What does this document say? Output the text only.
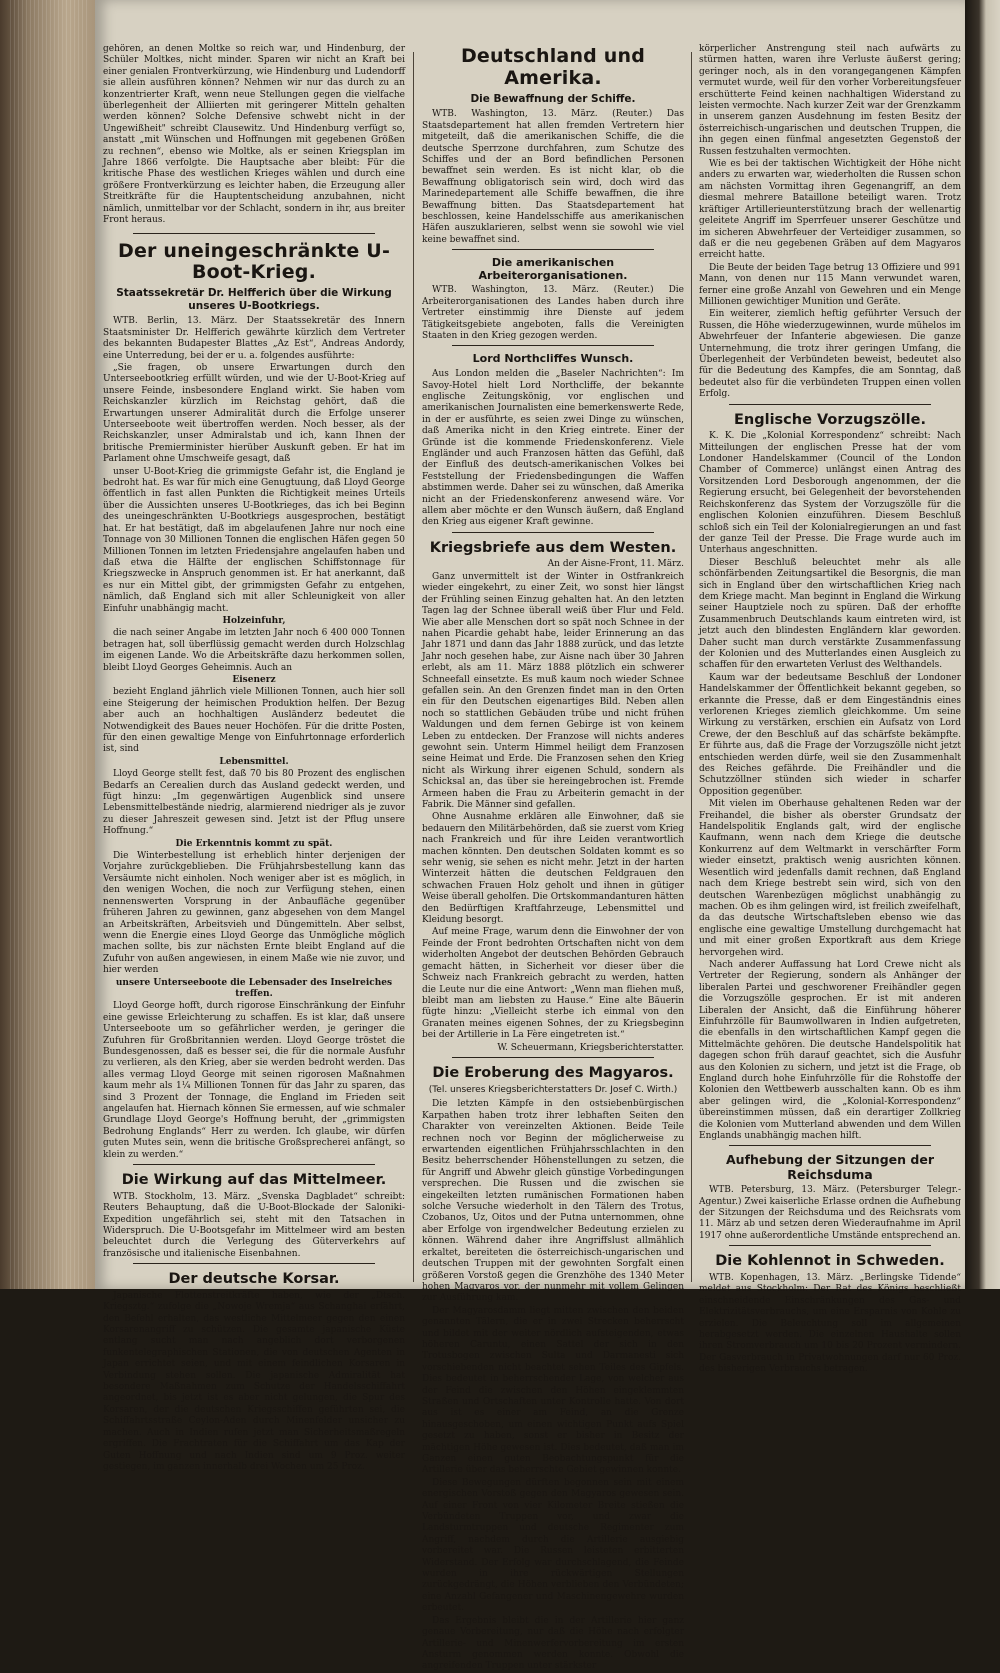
gehören, an denen Moltke so reich war, und Hindenburg, der Schüler Moltkes, nicht minder. Sparen wir nicht an Kraft bei einer genialen Frontverkürzung, wie Hindenburg und Ludendorff sie allein ausführen können? Nehmen wir nur das durch zu an konzentrierter Kraft, wenn neue Stellungen gegen die vielfache überlegenheit der Alliierten mit geringerer Mitteln gehalten werden können? Solche Defensive schwebt nicht in der Ungewißheit" schreibt Clausewitz. Und Hindenburg verfügt so, anstatt „mit Wünschen und Hoffnungen mit gegebenen Größen zu rechnen“, ebenso wie Moltke, als er seinen Kriegsplan im Jahre 1866 verfolgte. Die Hauptsache aber bleibt: Für die kritische Phase des westlichen Krieges wählen und durch eine größere Frontverkürzung es leichter haben, die Erzeugung aller Streitkräfte für die Hauptentscheidung anzubahnen, nicht nämlich, unmittelbar vor der Schlacht, sondern in ihr, aus breiter Front heraus.

Der uneingeschränkte U-Boot-Krieg.
Staatssekretär Dr. Helfferich über die Wirkung unseres U-Bootkriegs.

WTB. Berlin, 13. März. Der Staatssekretär des Innern Staatsminister Dr. Helfferich gewährte kürzlich dem Vertreter des bekannten Budapester Blattes „Az Est“, Andreas Andordy, eine Unterredung, bei der er u. a. folgendes ausführte:

„Sie fragen, ob unsere Erwartungen durch den Unterseebootkrieg erfüllt würden, und wie der U-Boot-Krieg auf unsere Feinde, insbesondere England wirkt. Sie haben vom Reichskanzler kürzlich im Reichstag gehört, daß die Erwartungen unserer Admiralität durch die Erfolge unserer Unterseeboote weit übertroffen werden. Noch besser, als der Reichskanzler, unser Admiralstab und ich, kann Ihnen der britische Premierminister hierüber Auskunft geben. Er hat im Parlament ohne Umschweife gesagt, daß

unser U-Boot-Krieg die grimmigste Gefahr ist, die England je bedroht hat. Es war für mich eine Genugtuung, daß Lloyd George öffentlich in fast allen Punkten die Richtigkeit meines Urteils über die Aussichten unseres U-Bootkrieges, das ich bei Beginn des uneingeschränkten U-Bootkriegs ausgesprochen, bestätigt hat. Er hat bestätigt, daß im abgelaufenen Jahre nur noch eine Tonnage von 30 Millionen Tonnen die englischen Häfen gegen 50 Millionen Tonnen im letzten Friedensjahre angelaufen haben und daß etwa die Hälfte der englischen Schiffstonnage für Kriegszwecke in Anspruch genommen ist. Er hat anerkannt, daß es nur ein Mittel gibt, der grimmigsten Gefahr zu entgehen, nämlich, daß England sich mit aller Schleunigkeit von aller Einfuhr unabhängig macht.

Holzeinfuhr,

die nach seiner Angabe im letzten Jahr noch 6 400 000 Tonnen betragen hat, soll überflüssig gemacht werden durch Holzschlag im eigenen Lande. Wo die Arbeitskräfte dazu herkommen sollen, bleibt Lloyd Georges Geheimnis. Auch an

Eisenerz

bezieht England jährlich viele Millionen Tonnen, auch hier soll eine Steigerung der heimischen Produktion helfen. Der Bezug aber auch an hochhaltigen Ausländerz bedeutet die Notwendigkeit des Baues neuer Hochöfen. Für die dritte Posten, für den einen gewaltige Menge von Einfuhrtonnage erforderlich ist, sind

Lebensmittel.

Lloyd George stellt fest, daß 70 bis 80 Prozent des englischen Bedarfs an Cerealien durch das Ausland gedeckt werden, und fügt hinzu: „Im gegenwärtigen Augenblick sind unsere Lebensmittelbestände niedrig, alarmierend niedriger als je zuvor zu dieser Jahreszeit gewesen sind. Jetzt ist der Pflug unsere Hoffnung.“

Die Erkenntnis kommt zu spät.

Die Winterbestellung ist erheblich hinter derjenigen der Vorjahre zurückgeblieben. Die Frühjahrsbestellung kann das Versäumte nicht einholen. Noch weniger aber ist es möglich, in den wenigen Wochen, die noch zur Verfügung stehen, einen nennenswerten Vorsprung in der Anbaufläche gegenüber früheren Jahren zu gewinnen, ganz abgesehen von dem Mangel an Arbeitskräften, Arbeitsvieh und Düngemitteln. Aber selbst, wenn die Energie eines Lloyd George das Unmögliche möglich machen sollte, bis zur nächsten Ernte bleibt England auf die Zufuhr von außen angewiesen, in einem Maße wie nie zuvor, und hier werden

unsere Unterseeboote die Lebensader des Inselreiches treffen.

Lloyd George hofft, durch rigorose Einschränkung der Einfuhr eine gewisse Erleichterung zu schaffen. Es ist klar, daß unsere Unterseeboote um so gefährlicher werden, je geringer die Zufuhren für Großbritannien werden. Lloyd George tröstet die Bundesgenossen, daß es besser sei, die für die normale Ausfuhr zu verlieren, als den Krieg, aber sie werden bedroht werden. Das alles vermag Lloyd George mit seinen rigorosen Maßnahmen kaum mehr als 1¼ Millionen Tonnen für das Jahr zu sparen, das sind 3 Prozent der Tonnage, die England im Frieden seit angelaufen hat. Hiernach können Sie ermessen, auf wie schmaler Grundlage Lloyd George's Hoffnung beruht, der „grimmigsten Bedrohung Englands“ Herr zu werden. Ich glaube, wir dürfen guten Mutes sein, wenn die britische Großsprecherei anfängt, so klein zu werden.“

Die Wirkung auf das Mittelmeer.

WTB. Stockholm, 13. März. „Svenska Dagbladet“ schreibt: Reuters Behauptung, daß die U-Boot-Blockade der Saloniki-Expedition ungefährlich sei, steht mit den Tatsachen in Widerspruch. Die U-Bootsgefahr im Mittelmeer wird am besten beleuchtet durch die Verlegung des Güterverkehrs auf französische und italienische Eisenbahnen.

Der deutsche Korsar.

Japanische Flottenstreitkräfte haben, wie der „Dtsch. Kriegsztg.“ zufolge die „Nowoje Wremja“ aus Schanghai erfährt, den Befehl erhalten, das westliche Mittelmeer gegen den einen Korsarenangriff zu schützen. Die gesamte japanische Küste entlang sucht man nach angeblich dort verborgenen funkentelegraphischen Stationen, die von deutschen Agenten in Japan errichtet seien, und mit einem feindlichen Korsaren in Verbindung stehen sollen. Die japanische Admiralität hat besondere Maßnahmen zum Schutze der Handelsschiffahrt angeordnet, bis jetzt ist es aber nicht gelungen, die Spur des Korsaren, der die deutschen Kriegsschiffen geführten sei, die Schiffahrtsstraße Ceylon-Aden durch Minenfelder unsicher zu machen. Auch in Indien rufen jetzt man Sicherheitsmaßregeln ergriffen. Die Frachtraten für die Schiffahrt um das Kap der Guten Hoffnung und nach Indien sind um 9 Proz. weiter gestiegen, im ganzen innerhalb drei Wochen um 25 Proz.

Deutschland und Amerika.
Die Bewaffnung der Schiffe.

WTB. Washington, 13. März. (Reuter.) Das Staatsdepartement hat allen fremden Vertretern hier mitgeteilt, daß die amerikanischen Schiffe, die die deutsche Sperrzone durchfahren, zum Schutze des Schiffes und der an Bord befindlichen Personen bewaffnet sein werden. Es ist nicht klar, ob die Bewaffnung obligatorisch sein wird, doch wird das Marinedepartement alle Schiffe bewaffnen, die ihre Bewaffnung bitten. Das Staatsdepartement hat beschlossen, keine Handelsschiffe aus amerikanischen Häfen auszuklarieren, selbst wenn sie sowohl wie viel keine bewaffnet sind.

Die amerikanischen Arbeiterorganisationen.

WTB. Washington, 13. März. (Reuter.) Die Arbeiterorganisationen des Landes haben durch ihre Vertreter einstimmig ihre Dienste auf jedem Tätigkeitsgebiete angeboten, falls die Vereinigten Staaten in den Krieg gezogen werden.

Lord Northcliffes Wunsch.

Aus London melden die „Baseler Nachrichten“: Im Savoy-Hotel hielt Lord Northcliffe, der bekannte englische Zeitungskönig, vor englischen und amerikanischen Journalisten eine bemerkenswerte Rede, in der er ausführte, es seien zwei Dinge zu wünschen, daß Amerika nicht in den Krieg eintrete. Einer der Gründe ist die kommende Friedenskonferenz. Viele Engländer und auch Franzosen hätten das Gefühl, daß der Einfluß des deutsch-amerikanischen Volkes bei Feststellung der Friedensbedingungen die Waffen abstimmen werde. Daher sei zu wünschen, daß Amerika nicht an der Friedenskonferenz anwesend wäre. Vor allem aber möchte er den Wunsch äußern, daß England den Krieg aus eigener Kraft gewinne.

Kriegsbriefe aus dem Westen.

An der Aisne-Front, 11. März.

Ganz unvermittelt ist der Winter in Ostfrankreich wieder eingekehrt, zu einer Zeit, wo sonst hier längst der Frühling seinen Einzug gehalten hat. An den letzten Tagen lag der Schnee überall weiß über Flur und Feld. Wie aber alle Menschen dort so spät noch Schnee in der nahen Picardie gehabt habe, leider Erinnerung an das Jahr 1871 und dann das Jahr 1888 zurück, und das letzte Jahr noch gesehen habe, zur Aisne nach über 30 Jahren erlebt, als am 11. März 1888 plötzlich ein schwerer Schneefall einsetzte. Es muß kaum noch wieder Schnee gefallen sein. An den Grenzen findet man in den Orten ein für den Deutschen eigenartiges Bild. Neben allen noch so stattlichen Gebäuden trübe und nicht frühen Waldungen und dem fernen Gebirge ist von keinem Leben zu entdecken. Der Franzose will nichts anderes gewohnt sein. Unterm Himmel heiligt dem Franzosen seine Heimat und Erde. Die Franzosen sehen den Krieg nicht als Wirkung ihrer eigenen Schuld, sondern als Schicksal an, das über sie hereingebrochen ist. Fremde Armeen haben die Frau zu Arbeiterin gemacht in der Fabrik. Die Männer sind gefallen.

Ohne Ausnahme erklären alle Einwohner, daß sie bedauern den Militärbehörden, daß sie zuerst vom Krieg nach Frankreich und für ihre Leiden verantwortlich machen könnten. Den deutschen Soldaten kommt es so sehr wenig, sie sehen es nicht mehr. Jetzt in der harten Winterzeit hätten die deutschen Feldgrauen den schwachen Frauen Holz geholt und ihnen in gütiger Weise überall geholfen. Die Ortskommandanturen hätten den Bedürftigen Kraftfahrzeuge, Lebensmittel und Kleidung besorgt.

Auf meine Frage, warum denn die Einwohner der von Feinde der Front bedrohten Ortschaften nicht von dem widerholten Angebot der deutschen Behörden Gebrauch gemacht hätten, in Sicherheit vor dieser über die Schweiz nach Frankreich gebracht zu werden, hatten die Leute nur die eine Antwort: „Wenn man fliehen muß, bleibt man am liebsten zu Hause.“ Eine alte Bäuerin fügte hinzu: „Vielleicht sterbe ich einmal von den Granaten meines eigenen Sohnes, der zu Kriegsbeginn bei der Artillerie in La Fère eingetreten ist.“

W. Scheuermann, Kriegsberichterstatter.

Die Eroberung des Magyaros.
(Tel. unseres Kriegsberichterstatters Dr. Josef C. Wirth.)

Die letzten Kämpfe in den ostsiebenbürgischen Karpathen haben trotz ihrer lebhaften Seiten den Charakter von vereinzelten Aktionen. Beide Teile rechnen noch vor Beginn der möglicherweise zu erwartenden eigentlichen Frühjahrsschlachten in den Besitz beherrschender Höhenstellungen zu setzen, die für Angriff und Abwehr gleich günstige Vorbedingungen versprechen. Die Russen und die zwischen sie eingekeilten letzten rumänischen Formationen haben solche Versuche wiederholt in den Tälern des Trotus, Czobanos, Uz, Oitos und der Putna unternommen, ohne aber Erfolge von irgendwelcher Bedeutung erzielen zu können. Während daher ihre Angriffslust allmählich erkaltet, bereiteten die österreichisch-ungarischen und deutschen Truppen mit der gewohnten Sorgfalt einen größeren Vorstoß gegen die Grenzhöhe des 1340 Meter hohen Magyaros vor, der nunmehr mit vollem Gelingen zur Ausführung kam.

Der Magyarosdamm liegt mitten zwischen den beiden genannten Tälern, die er in zwei Strecken beherrscht und bildet mit der weiter nördlich aufsteigenden, etwas höheren Caruntu, einen Sattel der sich in den Trotusbogen zwischen Sulta und Darmanesti sich vorschiebenden nicht beachtet sehen Teiles des Gipfels. Dies bedeutet in beherrschender Lage, von welcher aus der Feind die zwischen den Höhen eingeklemmten Straßen und Ortschaften unter Kontrolle hatte. Von dort aus ist es einer am Feind, an die Grenze hinausgeschoben, um einen wichtigen Punkt aufs Spiel gesetzt zu haben, sonst er bisher in Besitz der mächtigen Höhe gewesen ist. Dies bedeutet, daß man im Ganzen einen guten Beobachtungspunkt für die Artillerie über das beherrschte Gebiet gewinnen konnte.

Diese Bewegungen dürften begonnen sein mit einem energischen Vorstoß gegen den Magyaros gewesen sein. Auf einer Front von vier Kilometer Breite stießen die Verbündeten Truppen vor, und zwar die Landsturmtruppen und deutsche Regimenter zum Angriff, nachdem durch die Artillerie ausgiebig vorbereitet war. Die Russen leisteten erbitterten Widerstand. Der Erfolg war durchschlagend, die Feinde wurden in ihre rückwärtigen Stellungen zurückgedrängt, die Höhen verblieben den Verbündeten; eine Anzahl Gefangener und Maschinengewehre wurden erbeutet.

Das Ergebnis bleibt die in der Artillerie hier ganz genaue Vorbereitung, nur daß die Höhe nach erfolgter Artillerie- und Minenwerfervorbereitung im ersten Ansturm genommen werden konnte. Obwohl die angreifenden Truppen unter stärkster

körperlicher Anstrengung steil nach aufwärts zu stürmen hatten, waren ihre Verluste äußerst gering; geringer noch, als in den vorangegangenen Kämpfen vermutet wurde, weil für den vorher Vorbereitungsfeuer erschütterte Feind keinen nachhaltigen Widerstand zu leisten vermochte. Nach kurzer Zeit war der Grenzkamm in unserem ganzen Ausdehnung im festen Besitz der österreichisch-ungarischen und deutschen Truppen, die ihn gegen einen fünfmal angesetzten Gegenstoß der Russen festzuhalten vermochten.

Wie es bei der taktischen Wichtigkeit der Höhe nicht anders zu erwarten war, wiederholten die Russen schon am nächsten Vormittag ihren Gegenangriff, an dem diesmal mehrere Bataillone beteiligt waren. Trotz kräftiger Artillerieunterstützung brach der wellenartig geleitete Angriff im Sperrfeuer unserer Geschütze und im sicheren Abwehrfeuer der Verteidiger zusammen, so daß er die neu gegebenen Gräben auf dem Magyaros erreicht hatte.

Die Beute der beiden Tage betrug 13 Offiziere und 991 Mann, von denen nur 115 Mann verwundet waren, ferner eine große Anzahl von Gewehren und ein Menge Millionen gewichtiger Munition und Geräte.

Ein weiterer, ziemlich heftig geführter Versuch der Russen, die Höhe wiederzugewinnen, wurde mühelos im Abwehrfeuer der Infanterie abgewiesen. Die ganze Unternehmung, die trotz ihrer geringen Umfang, die Überlegenheit der Verbündeten beweist, bedeutet also für die Bedeutung des Kampfes, die am Sonntag, daß bedeutet also für die verbündeten Truppen einen vollen Erfolg.

Englische Vorzugszölle.

K. K. Die „Kolonial Korrespondenz“ schreibt: Nach Mitteilungen der englischen Presse hat der vom Londoner Handelskammer (Council of the London Chamber of Commerce) unlängst einen Antrag des Vorsitzenden Lord Desborough angenommen, der die Regierung ersucht, bei Gelegenheit der bevorstehenden Reichskonferenz das System der Vorzugszölle für die englischen Kolonien einzuführen. Diesem Beschluß schloß sich ein Teil der Kolonialregierungen an und fast der ganze Teil der Presse. Die Frage wurde auch im Unterhaus angeschnitten.

Dieser Beschluß beleuchtet mehr als alle schönfärbenden Zeitungsartikel die Besorgnis, die man sich in England über den wirtschaftlichen Krieg nach dem Kriege macht. Man beginnt in England die Wirkung seiner Hauptziele noch zu spüren. Daß der erhoffte Zusammenbruch Deutschlands kaum eintreten wird, ist jetzt auch den blindesten Engländern klar geworden. Daher sucht man durch verstärkte Zusammenfassung der Kolonien und des Mutterlandes einen Ausgleich zu schaffen für den erwarteten Verlust des Welthandels.

Kaum war der bedeutsame Beschluß der Londoner Handelskammer der Öffentlichkeit bekannt gegeben, so erkannte die Presse, daß er dem Eingeständnis eines verlorenen Krieges ziemlich gleichkomme. Um seine Wirkung zu verstärken, erschien ein Aufsatz von Lord Crewe, der den Beschluß auf das schärfste bekämpfte. Er führte aus, daß die Frage der Vorzugszölle nicht jetzt entschieden werden dürfe, weil sie den Zusammenhalt des Reiches gefährde. Die Freihändler und die Schutzzöllner stünden sich wieder in scharfer Opposition gegenüber.

Mit vielen im Oberhause gehaltenen Reden war der Freihandel, die bisher als oberster Grundsatz der Handelspolitik Englands galt, wird der englische Kaufmann, wenn nach dem Kriege die deutsche Konkurrenz auf dem Weltmarkt in verschärfter Form wieder einsetzt, praktisch wenig ausrichten können. Wesentlich wird jedenfalls damit rechnen, daß England nach dem Kriege bestrebt sein wird, sich von den deutschen Warenbezügen möglichst unabhängig zu machen. Ob es ihm gelingen wird, ist freilich zweifelhaft, da das deutsche Wirtschaftsleben ebenso wie das englische eine gewaltige Umstellung durchgemacht hat und mit einer großen Exportkraft aus dem Kriege hervorgehen wird.

Nach anderer Auffassung hat Lord Crewe nicht als Vertreter der Regierung, sondern als Anhänger der liberalen Partei und geschworener Freihändler gegen die Vorzugszölle gesprochen. Er ist mit anderen Liberalen der Ansicht, daß die Einführung höherer Einfuhrzölle für Baumwollwaren in Indien aufgetreten, die ebenfalls in den wirtschaftlichen Kampf gegen die Mittelmächte gehören. Die deutsche Handelspolitik hat dagegen schon früh darauf geachtet, sich die Ausfuhr aus den Kolonien zu sichern, und jetzt ist die Frage, ob England durch hohe Einfuhrzölle für die Rohstoffe der Kolonien den Wettbewerb ausschalten kann. Ob es ihm aber gelingen wird, die „Kolonial-Korrespondenz“ übereinstimmen müssen, daß ein derartiger Zollkrieg die Kolonien vom Mutterland abwenden und dem Willen Englands unabhängig machen hilft.

Aufhebung der Sitzungen der Reichsduma

WTB. Petersburg, 13. März. (Petersburger Telegr.-Agentur.) Zwei kaiserliche Erlasse ordnen die Aufhebung der Sitzungen der Reichsduma und des Reichsrats vom 11. März ab und setzen deren Wiederaufnahme im April 1917 ohne außerordentliche Umstände entsprechend an.

Die Kohlennot in Schweden.

WTB. Kopenhagen, 13. März. „Berlingske Tidende“ meldet aus Stockholm: Der Rat des Königs beschließt einschneidende Einschränkungen des Gas- und Elektrizitätsverbrauchs, um eine Ersparnis von Kohle zu erzielen. Die Beleuchtung soll im allgemeinen herabgesetzt werden. Die einzelnen Haushalte sollen ihren Stromverbrauch um 10 bis 20 Prozent vermindern. Der Gasverbrauch in Privatwohnungen darf nur 60 Proz. des bisherigen Verbrauchs betragen.
